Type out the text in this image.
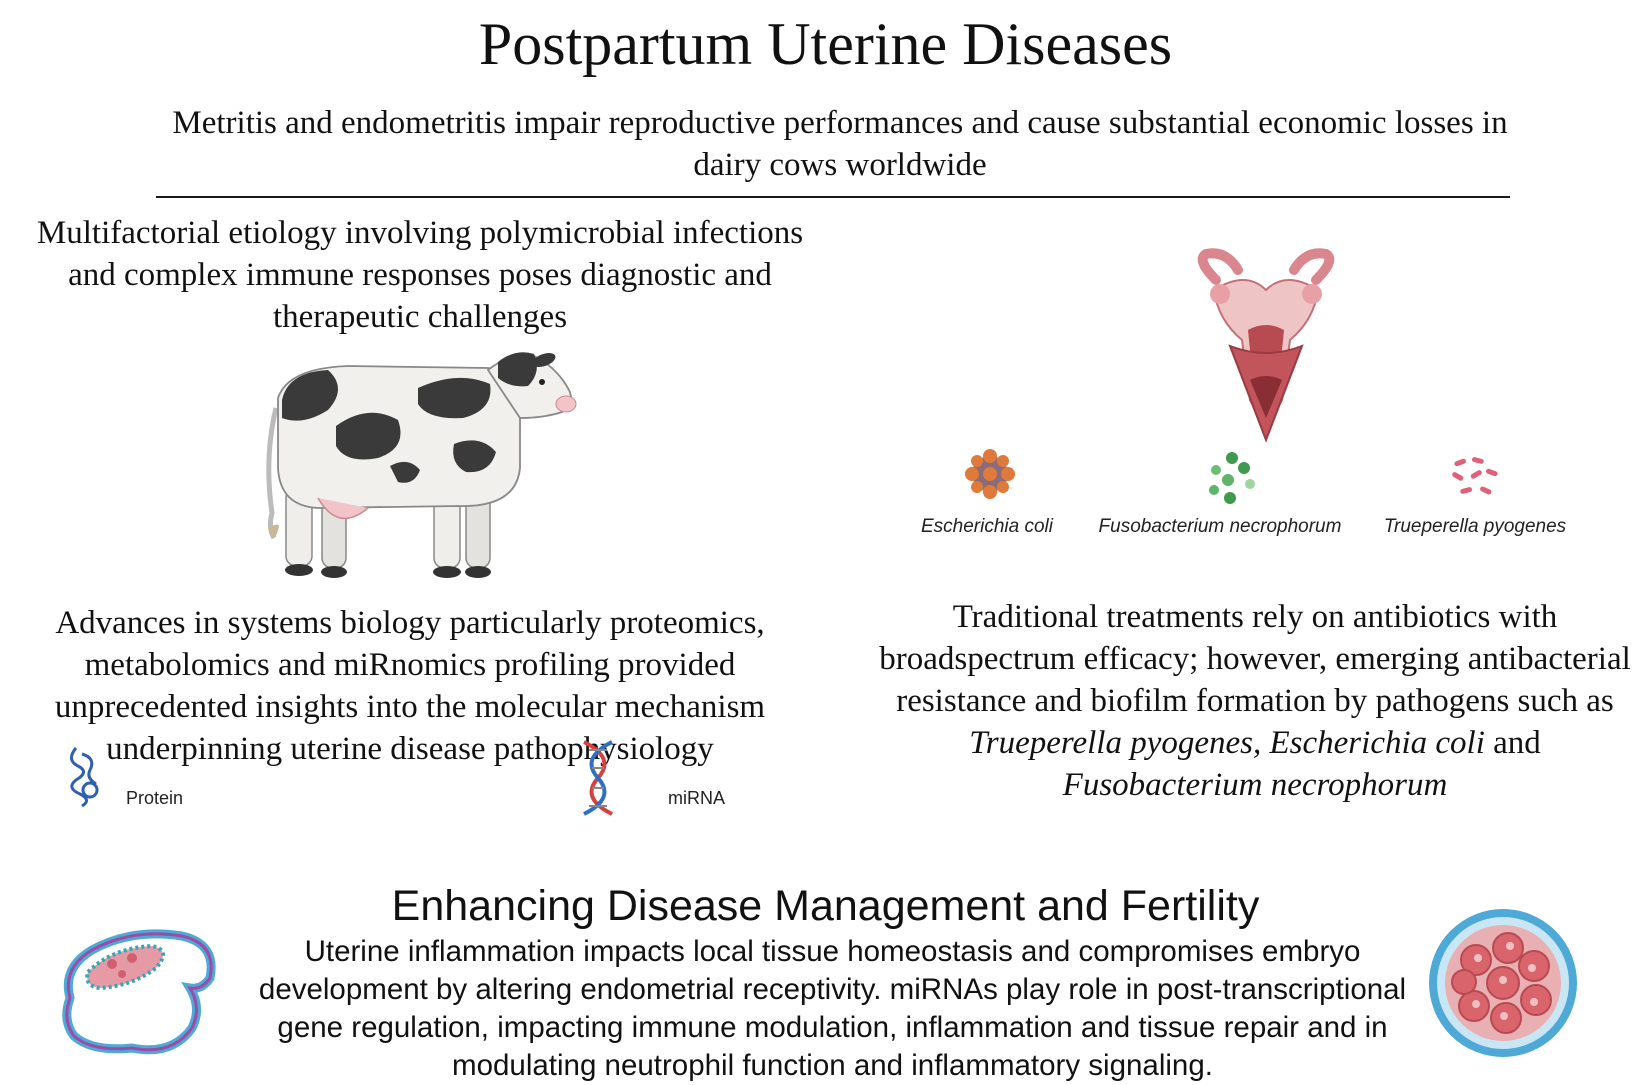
Postpartum Uterine Diseases
Metritis and endometritis impair reproductive performances and cause substantial economic losses in dairy cows worldwide
Multifactorial etiology involving polymicrobial infections and complex immune responses poses diagnostic and therapeutic challenges
Advances in systems biology particularly proteomics, metabolomics and miRnomics profiling provided unprecedented insights into the molecular mechanism underpinning uterine disease pathophysiology
Protein	miRNA
Escherichia coli	Fusobacterium necrophorum	Trueperella pyogenes
Traditional treatments rely on antibiotics with broadspectrum efficacy; however, emerging antibacterial resistance and biofilm formation by pathogens such as Trueperella pyogenes, Escherichia coli and Fusobacterium necrophorum
Enhancing Disease Management and Fertility
Uterine inflammation impacts local tissue homeostasis and compromises embryo development by altering endometrial receptivity. miRNAs play role in post-transcriptional gene regulation, impacting immune modulation, inflammation and tissue repair and in modulating neutrophil function and inflammatory signaling.
